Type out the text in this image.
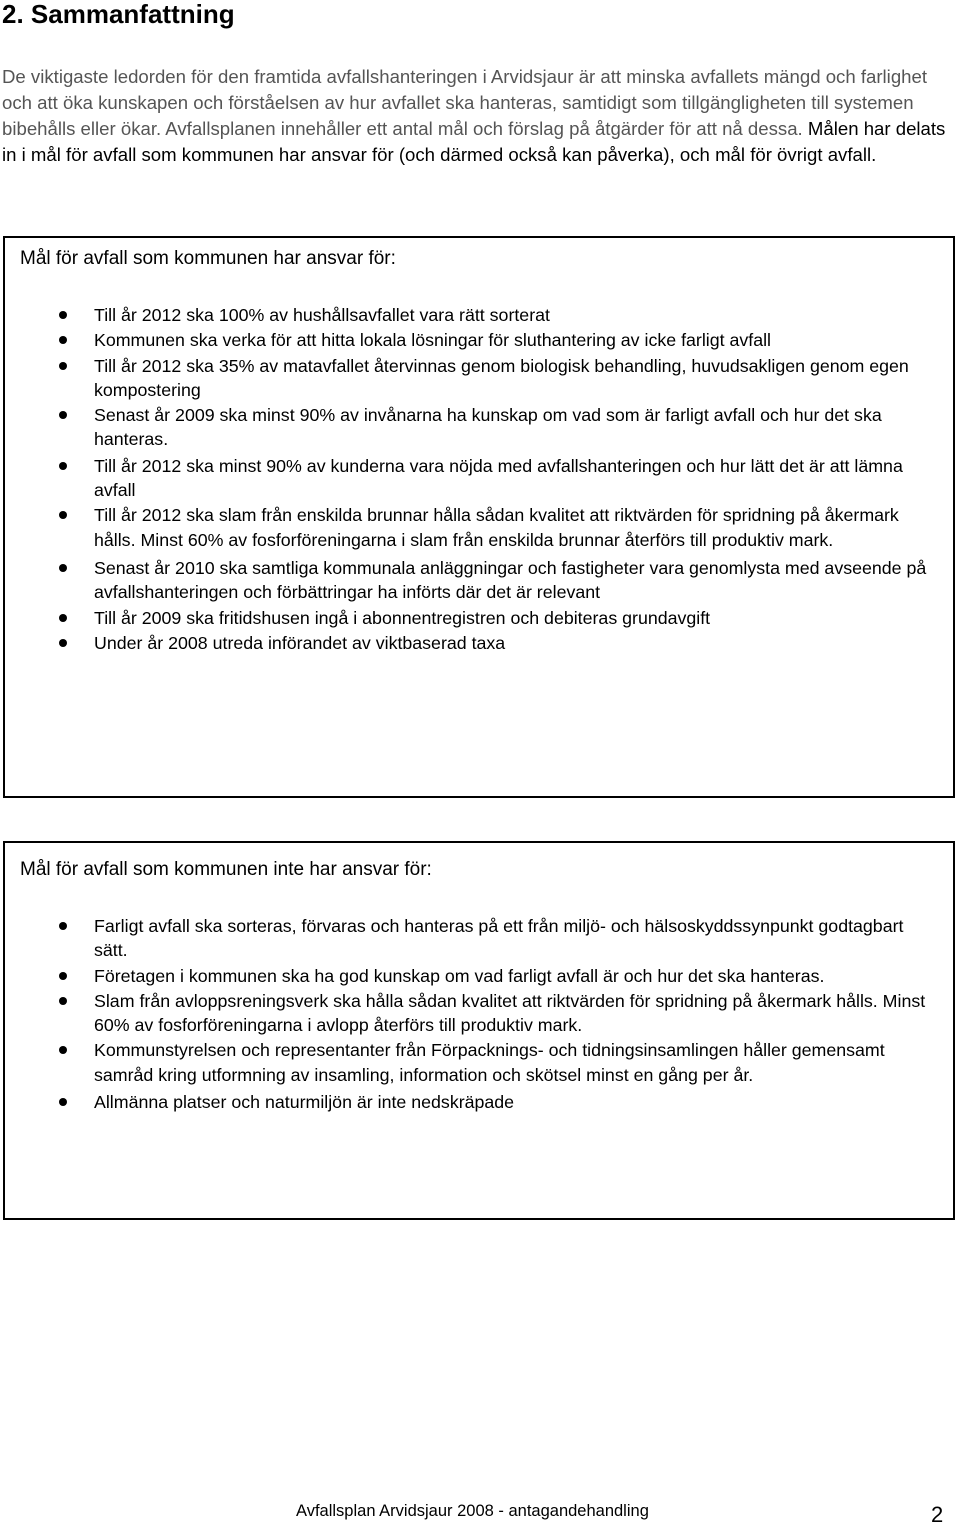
2. Sammanfattning

De viktigaste ledorden för den framtida avfallshanteringen i Arvidsjaur är att minska avfallets mängd och farlighet och att öka kunskapen och förståelsen av hur avfallet ska hanteras, samtidigt som tillgängligheten till systemen bibehålls eller ökar. Avfallsplanen innehåller ett antal mål och förslag på åtgärder för att nå dessa. Målen har delats in i mål för avfall som kommunen har ansvar för (och därmed också kan påverka), och mål för övrigt avfall.

Mål för avfall som kommunen har ansvar för:
Till år 2012 ska 100% av hushållsavfallet vara rätt sorterat
Kommunen ska verka för att hitta lokala lösningar för sluthantering av icke farligt avfall
Till år 2012 ska 35% av matavfallet återvinnas genom biologisk behandling, huvudsakligen genom egen kompostering
Senast år 2009 ska minst 90% av invånarna ha kunskap om vad som är farligt avfall och hur det ska hanteras.
Till år 2012 ska minst 90% av kunderna vara nöjda med avfallshanteringen och hur lätt det är att lämna avfall
Till år 2012 ska slam från enskilda brunnar hålla sådan kvalitet att riktvärden för spridning på åkermark hålls. Minst 60% av fosforföreningarna i slam från enskilda brunnar återförs till produktiv mark.
Senast år 2010 ska samtliga kommunala anläggningar och fastigheter vara genomlysta med avseende på avfallshanteringen och förbättringar ha införts där det är relevant
Till år 2009 ska fritidshusen ingå i abonnentregistren och debiteras grundavgift
Under år 2008 utreda införandet av viktbaserad taxa
Mål för avfall som kommunen inte har ansvar för:
Farligt avfall ska sorteras, förvaras och hanteras på ett från miljö- och hälsoskyddssynpunkt godtagbart sätt.
Företagen i kommunen ska ha god kunskap om vad farligt avfall är och hur det ska hanteras.
Slam från avloppsreningsverk ska hålla sådan kvalitet att riktvärden för spridning på åkermark hålls. Minst 60% av fosforföreningarna i avlopp återförs till produktiv mark.
Kommunstyrelsen och representanter från Förpacknings- och tidningsinsamlingen håller gemensamt samråd kring utformning av insamling, information och skötsel minst en gång per år.
Allmänna platser och naturmiljön är inte nedskräpade
Avfallsplan Arvidsjaur 2008 - antagandehandling	2
